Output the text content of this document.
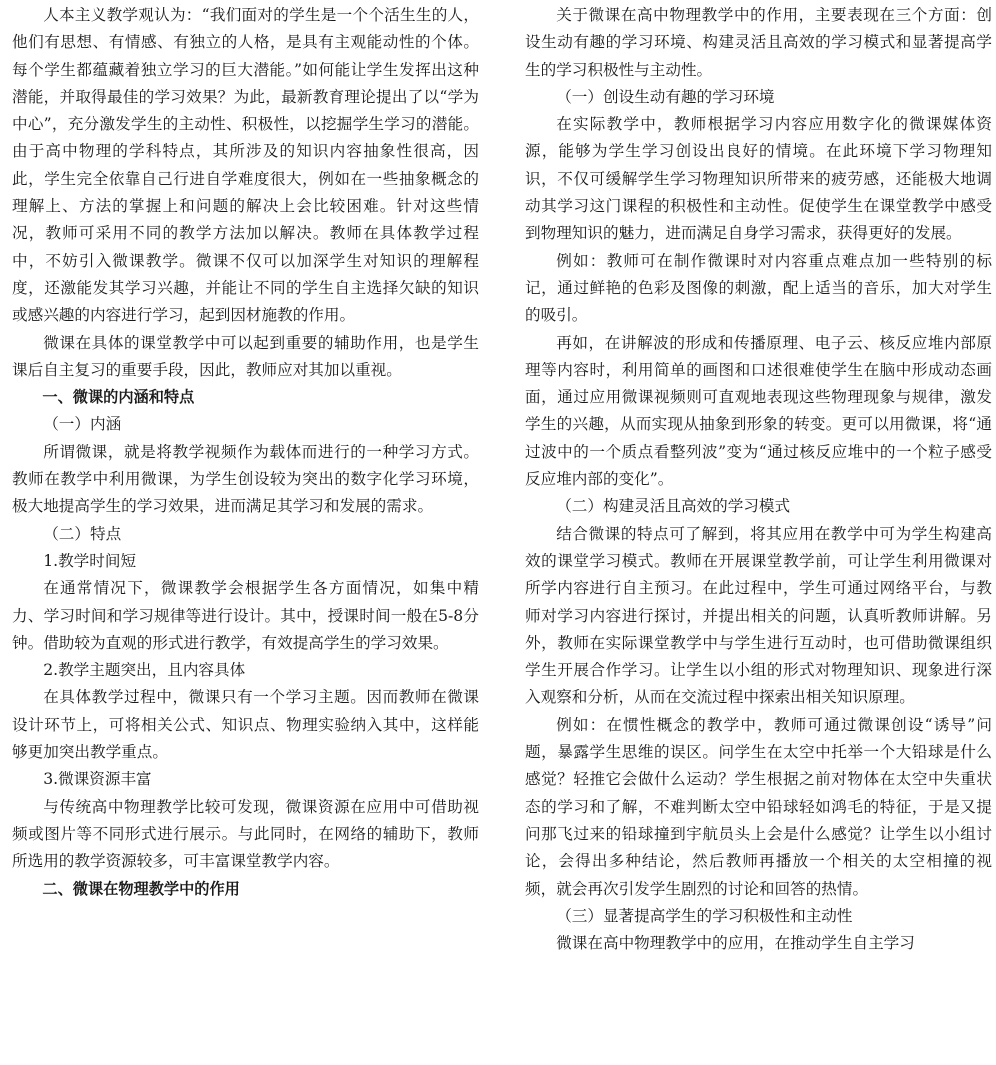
人本主义教学观认为：“我们面对的学生是一个个活生生的人，他们有思想、有情感、有独立的人格，是具有主观能动性的个体。每个学生都蕴藏着独立学习的巨大潜能。”如何能让学生发挥出这种潜能，并取得最佳的学习效果？为此，最新教育理论提出了以“学为中心”，充分激发学生的主动性、积极性，以挖掘学生学习的潜能。由于高中物理的学科特点，其所涉及的知识内容抽象性很高，因此，学生完全依靠自己行进自学难度很大，例如在一些抽象概念的理解上、方法的掌握上和问题的解决上会比较困难。针对这些情况，教师可采用不同的教学方法加以解决。教师在具体教学过程中，不妨引入微课教学。微课不仅可以加深学生对知识的理解程度，还激能发其学习兴趣，并能让不同的学生自主选择欠缺的知识或感兴趣的内容进行学习，起到因材施教的作用。

微课在具体的课堂教学中可以起到重要的辅助作用，也是学生课后自主复习的重要手段，因此，教师应对其加以重视。

一、微课的内涵和特点

（一）内涵

所谓微课，就是将教学视频作为载体而进行的一种学习方式。教师在教学中利用微课，为学生创设较为突出的数字化学习环境，极大地提高学生的学习效果，进而满足其学习和发展的需求。

（二）特点

1.教学时间短

在通常情况下，微课教学会根据学生各方面情况，如集中精力、学习时间和学习规律等进行设计。其中，授课时间一般在5-8分钟。借助较为直观的形式进行教学，有效提高学生的学习效果。

2.教学主题突出，且内容具体

在具体教学过程中，微课只有一个学习主题。因而教师在微课设计环节上，可将相关公式、知识点、物理实验纳入其中，这样能够更加突出教学重点。

3.微课资源丰富

与传统高中物理教学比较可发现，微课资源在应用中可借助视频或图片等不同形式进行展示。与此同时，在网络的辅助下，教师所选用的教学资源较多，可丰富课堂教学内容。

二、微课在物理教学中的作用

关于微课在高中物理教学中的作用，主要表现在三个方面：创设生动有趣的学习环境、构建灵活且高效的学习模式和显著提高学生的学习积极性与主动性。

（一）创设生动有趣的学习环境

在实际教学中，教师根据学习内容应用数字化的微课媒体资源，能够为学生学习创设出良好的情境。在此环境下学习物理知识，不仅可缓解学生学习物理知识所带来的疲劳感，还能极大地调动其学习这门课程的积极性和主动性。促使学生在课堂教学中感受到物理知识的魅力，进而满足自身学习需求，获得更好的发展。

例如：教师可在制作微课时对内容重点难点加一些特别的标记，通过鲜艳的色彩及图像的刺激，配上适当的音乐，加大对学生的吸引。

再如，在讲解波的形成和传播原理、电子云、核反应堆内部原理等内容时，利用简单的画图和口述很难使学生在脑中形成动态画面，通过应用微课视频则可直观地表现这些物理现象与规律，激发学生的兴趣，从而实现从抽象到形象的转变。更可以用微课，将“通过波中的一个质点看整列波”变为“通过核反应堆中的一个粒子感受反应堆内部的变化”。

（二）构建灵活且高效的学习模式

结合微课的特点可了解到，将其应用在教学中可为学生构建高效的课堂学习模式。教师在开展课堂教学前，可让学生利用微课对所学内容进行自主预习。在此过程中，学生可通过网络平台，与教师对学习内容进行探讨，并提出相关的问题，认真听教师讲解。另外，教师在实际课堂教学中与学生进行互动时，也可借助微课组织学生开展合作学习。让学生以小组的形式对物理知识、现象进行深入观察和分析，从而在交流过程中探索出相关知识原理。

例如：在惯性概念的教学中，教师可通过微课创设“诱导”问题，暴露学生思维的误区。问学生在太空中托举一个大铅球是什么感觉？轻推它会做什么运动？学生根据之前对物体在太空中失重状态的学习和了解，不难判断太空中铅球轻如鸿毛的特征，于是又提问那飞过来的铅球撞到宇航员头上会是什么感觉？让学生以小组讨论，会得出多种结论，然后教师再播放一个相关的太空相撞的视频，就会再次引发学生剧烈的讨论和回答的热情。

（三）显著提高学生的学习积极性和主动性

微课在高中物理教学中的应用，在推动学生自主学习
